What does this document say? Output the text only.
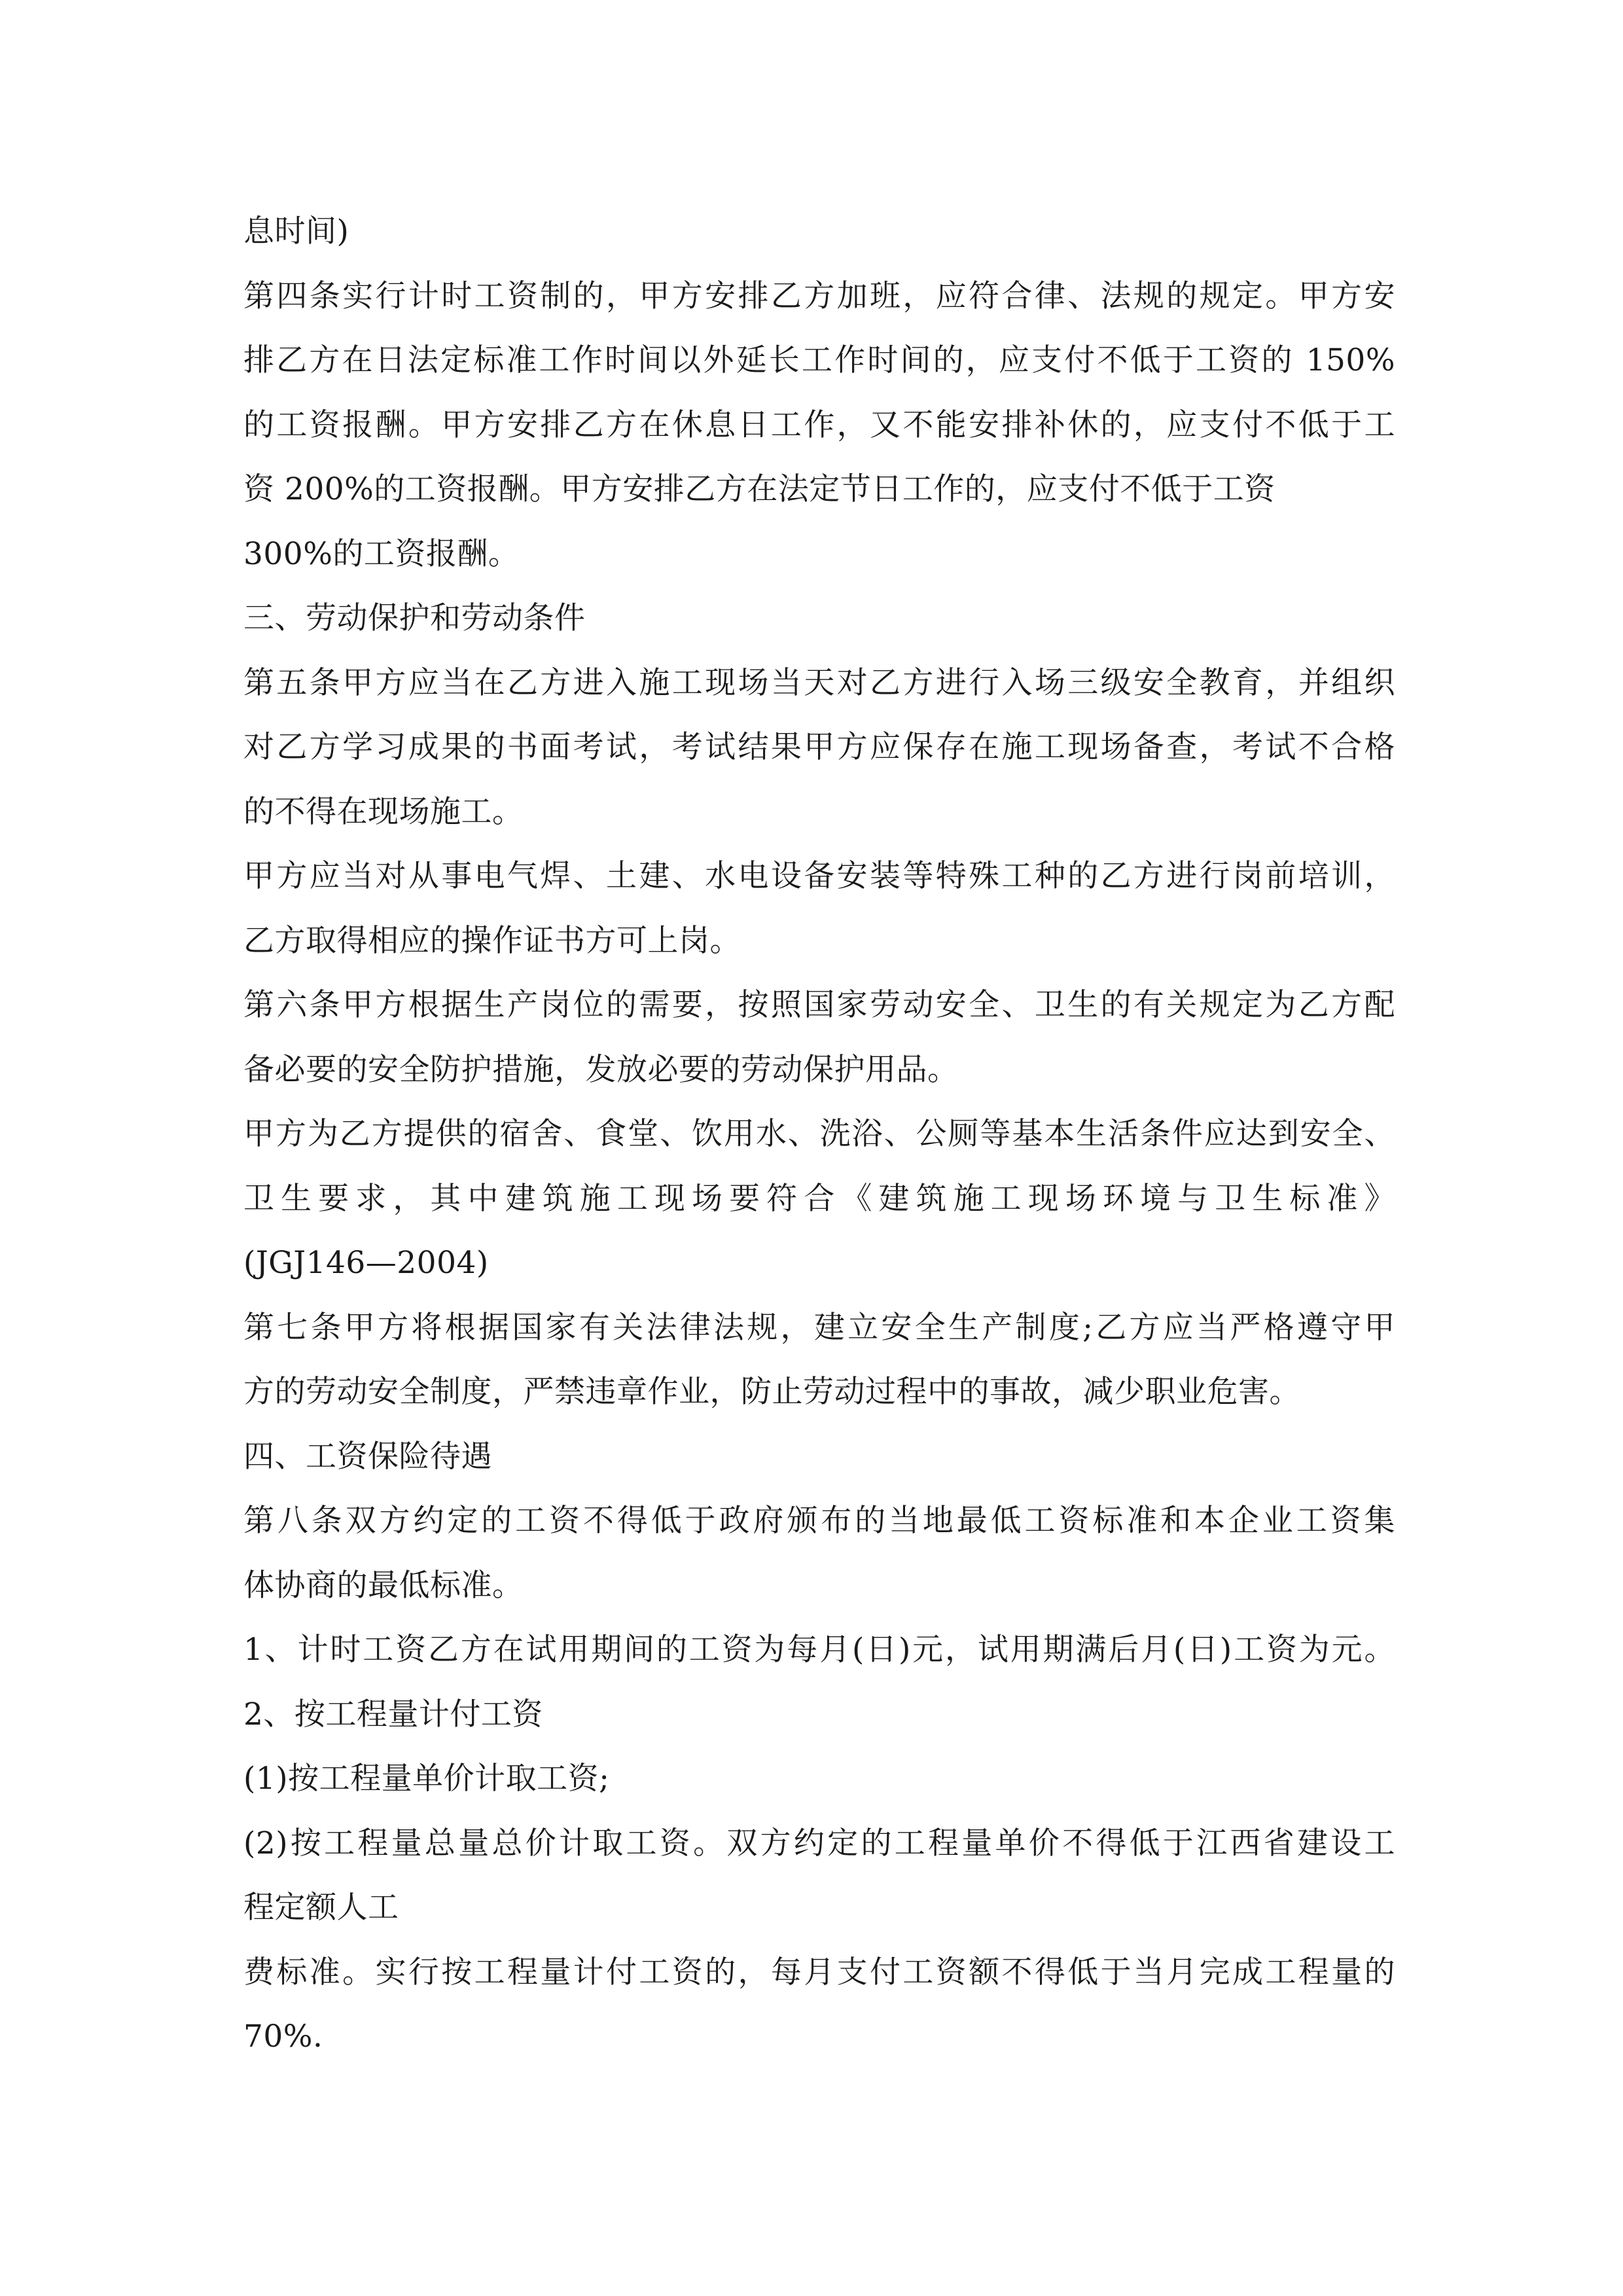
息时间)
第四条实行计时工资制的，甲方安排乙方加班，应符合律、法规的规定。甲方安
排乙方在日法定标准工作时间以外延长工作时间的，应支付不低于工资的 150%
的工资报酬。甲方安排乙方在休息日工作，又不能安排补休的，应支付不低于工
资 200%的工资报酬。甲方安排乙方在法定节日工作的，应支付不低于工资
300%的工资报酬。
三、劳动保护和劳动条件
第五条甲方应当在乙方进入施工现场当天对乙方进行入场三级安全教育，并组织
对乙方学习成果的书面考试，考试结果甲方应保存在施工现场备查，考试不合格
的不得在现场施工。
甲方应当对从事电气焊、土建、水电设备安装等特殊工种的乙方进行岗前培训，
乙方取得相应的操作证书方可上岗。
第六条甲方根据生产岗位的需要，按照国家劳动安全、卫生的有关规定为乙方配
备必要的安全防护措施，发放必要的劳动保护用品。
甲方为乙方提供的宿舍、食堂、饮用水、洗浴、公厕等基本生活条件应达到安全、
卫生要求，其中建筑施工现场要符合《建筑施工现场环境与卫生标准》
(JGJ146—2004)
第七条甲方将根据国家有关法律法规，建立安全生产制度;乙方应当严格遵守甲
方的劳动安全制度，严禁违章作业，防止劳动过程中的事故，减少职业危害。
四、工资保险待遇
第八条双方约定的工资不得低于政府颁布的当地最低工资标准和本企业工资集
体协商的最低标准。
1、计时工资乙方在试用期间的工资为每月(日)元，试用期满后月(日)工资为元。
2、按工程量计付工资
(1)按工程量单价计取工资;
(2)按工程量总量总价计取工资。双方约定的工程量单价不得低于江西省建设工
程定额人工
费标准。实行按工程量计付工资的，每月支付工资额不得低于当月完成工程量的
70%.
